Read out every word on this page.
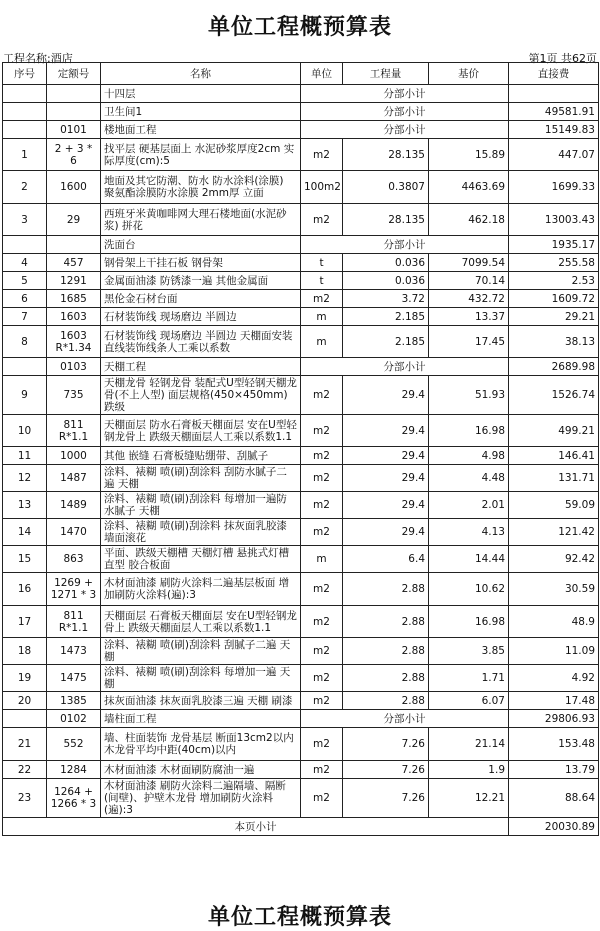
单位工程概预算表
工程名称:酒店	第1页 共62页
序号	定额号	名称	单位	工程量	基价	直接费
		十四层	分部小计			
		卫生间1	分部小计			49581.91
	0101	楼地面工程	分部小计			15149.83
1	2 + 3 * 6	找平层 硬基层面上 水泥砂浆厚度2cm 实际厚度(cm):5	m2	28.135	15.89	447.07
2	1600	地面及其它防潮、防水 防水涂料(涂膜) 聚氨酯涂膜防水涂膜 2mm厚 立面	100m2	0.3807	4463.69	1699.33
3	29	西班牙米黄咖啡网大理石楼地面(水泥砂浆) 拼花	m2	28.135	462.18	13003.43
		洗面台	分部小计			1935.17
4	457	钢骨架上干挂石板 钢骨架	t	0.036	7099.54	255.58
5	1291	金属面油漆 防锈漆一遍 其他金属面	t	0.036	70.14	2.53
6	1685	黑伦金石材台面	m2	3.72	432.72	1609.72
7	1603	石材装饰线 现场磨边 半圆边	m	2.185	13.37	29.21
8	1603 R*1.34	石材装饰线 现场磨边 半圆边 天棚面安装直线装饰线条人工乘以系数	m	2.185	17.45	38.13
	0103	天棚工程	分部小计			2689.98
9	735	天棚龙骨 轻钢龙骨 装配式U型轻钢天棚龙骨(不上人型) 面层规格(450×450mm) 跌级	m2	29.4	51.93	1526.74
10	811 R*1.1	天棚面层 防水石膏板天棚面层 安在U型轻钢龙骨上 跌级天棚面层人工乘以系数1.1	m2	29.4	16.98	499.21
11	1000	其他 嵌缝 石膏板缝贴绷带、刮腻子	m2	29.4	4.98	146.41
12	1487	涂料、裱糊 喷(刷)刮涂料 刮防水腻子二遍 天棚	m2	29.4	4.48	131.71
13	1489	涂料、裱糊 喷(刷)刮涂料 每增加一遍防水腻子 天棚	m2	29.4	2.01	59.09
14	1470	涂料、裱糊 喷(刷)刮涂料 抹灰面乳胶漆 墙面滚花	m2	29.4	4.13	121.42
15	863	平面、跌级天棚槽 天棚灯槽 悬挑式灯槽 直型 胶合板面	m	6.4	14.44	92.42
16	1269 + 1271 * 3	木材面油漆 刷防火涂料二遍基层板面 增加刷防火涂料(遍):3	m2	2.88	10.62	30.59
17	811 R*1.1	天棚面层 石膏板天棚面层 安在U型轻钢龙骨上 跌级天棚面层人工乘以系数1.1	m2	2.88	16.98	48.9
18	1473	涂料、裱糊 喷(刷)刮涂料 刮腻子二遍 天棚	m2	2.88	3.85	11.09
19	1475	涂料、裱糊 喷(刷)刮涂料 每增加一遍 天棚	m2	2.88	1.71	4.92
20	1385	抹灰面油漆 抹灰面乳胶漆三遍 天棚 刷漆	m2	2.88	6.07	17.48
	0102	墙柱面工程	分部小计			29806.93
21	552	墙、柱面装饰 龙骨基层 断面13cm2以内 木龙骨平均中距(40cm)以内	m2	7.26	21.14	153.48
22	1284	木材面油漆 木材面刷防腐油一遍	m2	7.26	1.9	13.79
23	1264 + 1266 * 3	木材面油漆 刷防火涂料二遍隔墙、隔断(间壁)、护壁木龙骨 增加刷防火涂料(遍):3	m2	7.26	12.21	88.64
本页小计						20030.89
单位工程概预算表
